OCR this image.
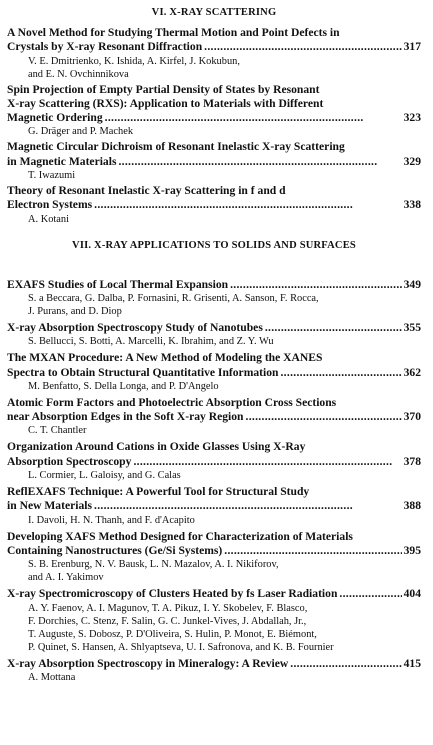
VI. X-RAY SCATTERING
A Novel Method for Studying Thermal Motion and Point Defects in
Crystals by X-ray Resonant Diffraction . . .	317
V. E. Dmitrienko, K. Ishida, A. Kirfel, J. Kokubun,
and E. N. Ovchinnikova
Spin Projection of Empty Partial Density of States by Resonant
X-ray Scattering (RXS): Application to Materials with Different
Magnetic Ordering . . .	323
G. Dräger and P. Machek
Magnetic Circular Dichroism of Resonant Inelastic X-ray Scattering
in Magnetic Materials . . .	329
T. Iwazumi
Theory of Resonant Inelastic X-ray Scattering in f and d
Electron Systems . . .	338
A. Kotani
VII. X-RAY APPLICATIONS TO SOLIDS AND SURFACES
EXAFS Studies of Local Thermal Expansion . . .	349
S. a Beccara, G. Dalba, P. Fornasini, R. Grisenti, A. Sanson, F. Rocca,
J. Purans, and D. Diop
X-ray Absorption Spectroscopy Study of Nanotubes . . .	355
S. Bellucci, S. Botti, A. Marcelli, K. Ibrahim, and Z. Y. Wu
The MXAN Procedure: A New Method of Modeling the XANES
Spectra to Obtain Structural Quantitative Information . . .	362
M. Benfatto, S. Della Longa, and P. D'Angelo
Atomic Form Factors and Photoelectric Absorption Cross Sections
near Absorption Edges in the Soft X-ray Region . . .	370
C. T. Chantler
Organization Around Cations in Oxide Glasses Using X-Ray
Absorption Spectroscopy . . .	378
L. Cormier, L. Galoisy, and G. Calas
ReflEXAFS Technique: A Powerful Tool for Structural Study
in New Materials . . .	388
I. Davoli, H. N. Thanh, and F. d'Acapito
Developing XAFS Method Designed for Characterization of Materials
Containing Nanostructures (Ge/Si Systems) . . .	395
S. B. Erenburg, N. V. Bausk, L. N. Mazalov, A. I. Nikiforov,
and A. I. Yakimov
X-ray Spectromicroscopy of Clusters Heated by fs Laser Radiation . . .	404
A. Y. Faenov, A. I. Magunov, T. A. Pikuz, I. Y. Skobelev, F. Blasco,
F. Dorchies, C. Stenz, F. Salin, G. C. Junkel-Vives, J. Abdallah, Jr.,
T. Auguste, S. Dobosz, P. D'Oliveira, S. Hulin, P. Monot, E. Biémont,
P. Quinet, S. Hansen, A. Shlyaptseva, U. I. Safronova, and K. B. Fournier
X-ray Absorption Spectroscopy in Mineralogy: A Review . . .	415
A. Mottana
